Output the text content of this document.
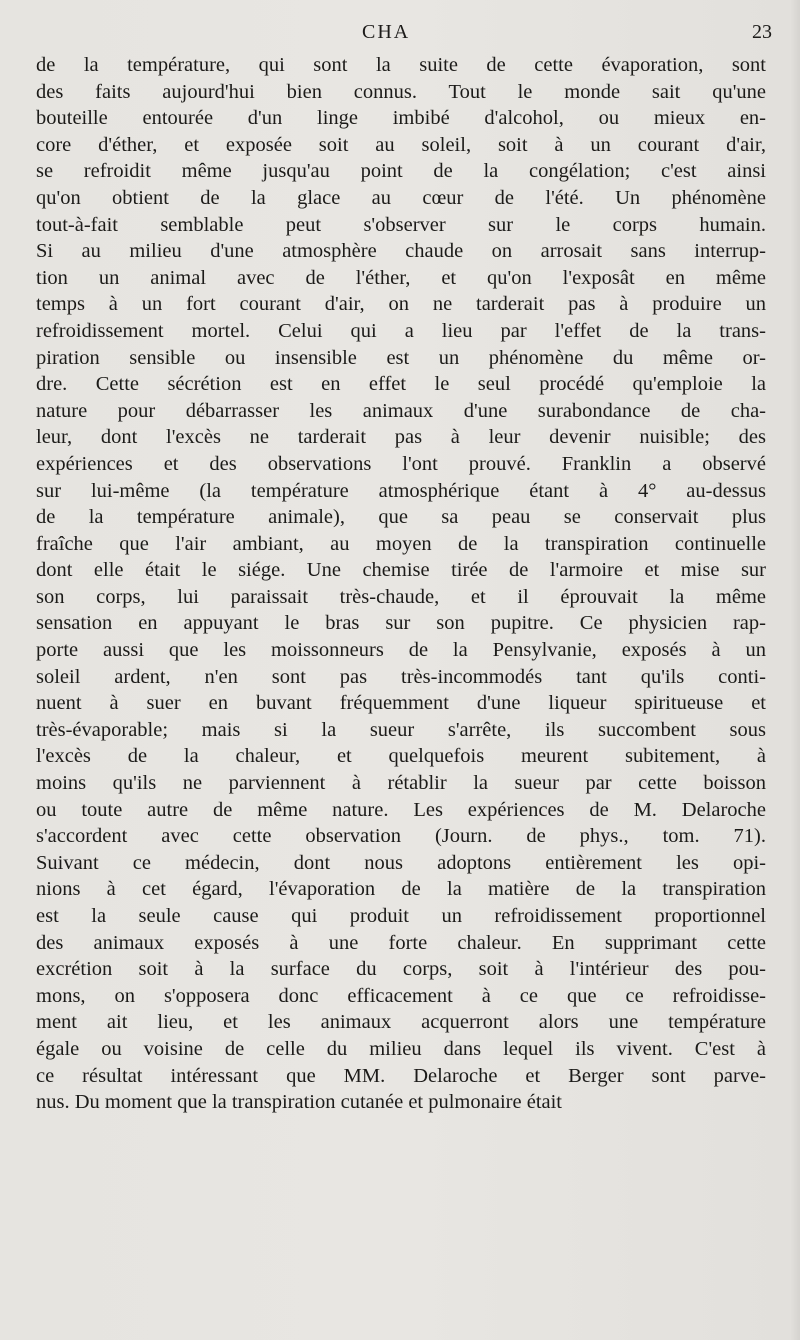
CHA	23
de la température, qui sont la suite de cette évaporation, sont
des faits aujourd'hui bien connus. Tout le monde sait qu'une
bouteille entourée d'un linge imbibé d'alcohol, ou mieux en-
core d'éther, et exposée soit au soleil, soit à un courant d'air,
se refroidit même jusqu'au point de la congélation; c'est ainsi
qu'on obtient de la glace au cœur de l'été. Un phénomène
tout-à-fait semblable peut s'observer sur le corps humain.
Si au milieu d'une atmosphère chaude on arrosait sans interrup-
tion un animal avec de l'éther, et qu'on l'exposât en même
temps à un fort courant d'air, on ne tarderait pas à produire un
refroidissement mortel. Celui qui a lieu par l'effet de la trans-
piration sensible ou insensible est un phénomène du même or-
dre. Cette sécrétion est en effet le seul procédé qu'emploie la
nature pour débarrasser les animaux d'une surabondance de cha-
leur, dont l'excès ne tarderait pas à leur devenir nuisible; des
expériences et des observations l'ont prouvé. Franklin a observé
sur lui-même (la température atmosphérique étant à 4° au-dessus
de la température animale), que sa peau se conservait plus
fraîche que l'air ambiant, au moyen de la transpiration continuelle
dont elle était le siége. Une chemise tirée de l'armoire et mise sur
son corps, lui paraissait très-chaude, et il éprouvait la même
sensation en appuyant le bras sur son pupitre. Ce physicien rap-
porte aussi que les moissonneurs de la Pensylvanie, exposés à un
soleil ardent, n'en sont pas très-incommodés tant qu'ils conti-
nuent à suer en buvant fréquemment d'une liqueur spiritueuse et
très-évaporable; mais si la sueur s'arrête, ils succombent sous
l'excès de la chaleur, et quelquefois meurent subitement, à
moins qu'ils ne parviennent à rétablir la sueur par cette boisson
ou toute autre de même nature. Les expériences de M. Delaroche
s'accordent avec cette observation (Journ. de phys., tom. 71).
Suivant ce médecin, dont nous adoptons entièrement les opi-
nions à cet égard, l'évaporation de la matière de la transpiration
est la seule cause qui produit un refroidissement proportionnel
des animaux exposés à une forte chaleur. En supprimant cette
excrétion soit à la surface du corps, soit à l'intérieur des pou-
mons, on s'opposera donc efficacement à ce que ce refroidisse-
ment ait lieu, et les animaux acquerront alors une température
égale ou voisine de celle du milieu dans lequel ils vivent. C'est à
ce résultat intéressant que MM. Delaroche et Berger sont parve-
nus. Du moment que la transpiration cutanée et pulmonaire était
